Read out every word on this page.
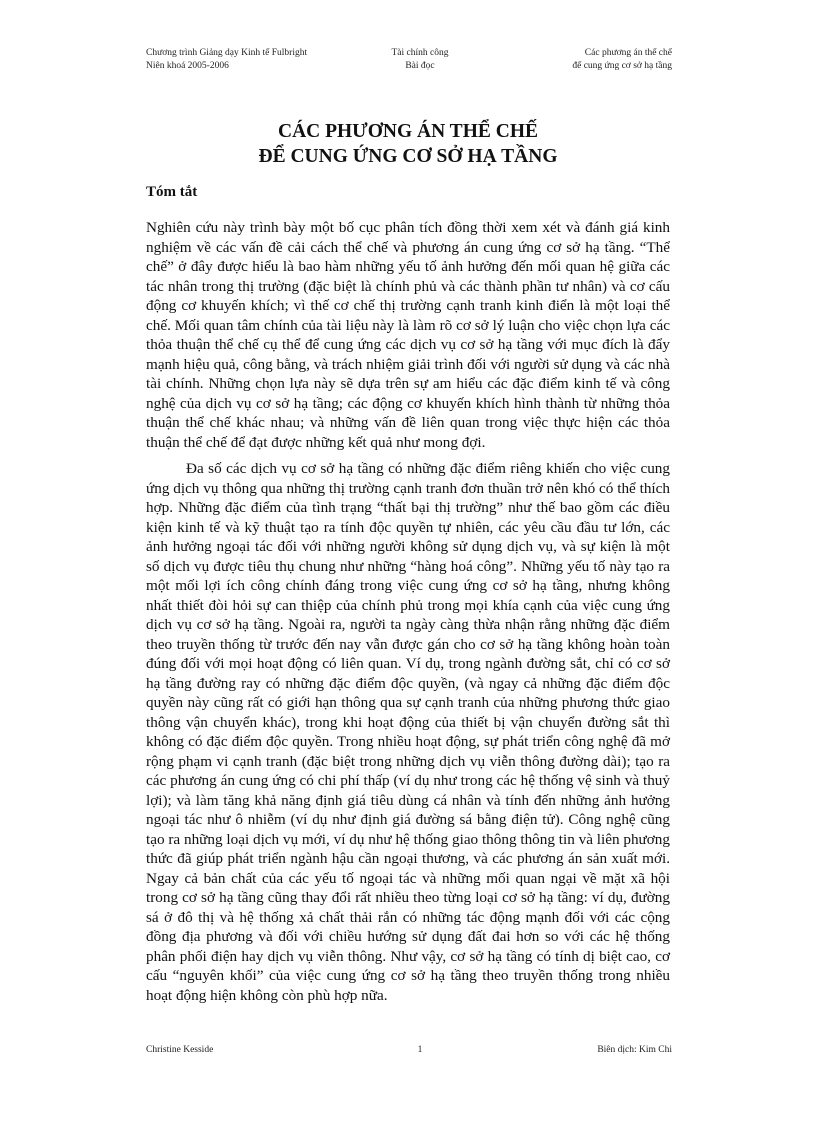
Chương trình Giảng dạy Kinh tế Fulbright
Niên khoá 2005-2006
Tài chính công
Bài đọc
Các phương án thể chế
để cung ứng cơ sở hạ tầng
CÁC PHƯƠNG ÁN THỂ CHẾ
ĐỂ CUNG ỨNG CƠ SỞ HẠ TẦNG
Tóm tắt

Nghiên cứu này trình bày một bố cục phân tích đồng thời xem xét và đánh giá kinh nghiệm về các vấn đề cải cách thể chế và phương án cung ứng cơ sở hạ tầng. “Thể chế” ở đây được hiểu là bao hàm những yếu tố ảnh hưởng đến mối quan hệ giữa các tác nhân trong thị trường (đặc biệt là chính phủ và các thành phần tư nhân) và cơ cấu động cơ khuyến khích; vì thế cơ chế thị trường cạnh tranh kinh điển là một loại thể chế. Mối quan tâm chính của tài liệu này là làm rõ cơ sở lý luận cho việc chọn lựa các thỏa thuận thể chế cụ thể để cung ứng các dịch vụ cơ sở hạ tầng với mục đích là đẩy mạnh hiệu quả, công bằng, và trách nhiệm giải trình đối với người sử dụng và các nhà tài chính. Những chọn lựa này sẽ dựa trên sự am hiểu các đặc điểm kinh tế và công nghệ của dịch vụ cơ sở hạ tầng; các động cơ khuyến khích hình thành từ những thỏa thuận thể chế khác nhau; và những vấn đề liên quan trong việc thực hiện các thỏa thuận thể chế để đạt được những kết quả như mong đợi.

Đa số các dịch vụ cơ sở hạ tầng có những đặc điểm riêng khiến cho việc cung ứng dịch vụ thông qua những thị trường cạnh tranh đơn thuần trở nên khó có thể thích hợp. Những đặc điểm của tình trạng “thất bại thị trường” như thế bao gồm các điều kiện kinh tế và kỹ thuật tạo ra tính độc quyền tự nhiên, các yêu cầu đầu tư lớn, các ảnh hưởng ngoại tác đối với những người không sử dụng dịch vụ, và sự kiện là một số dịch vụ được tiêu thụ chung như những “hàng hoá công”. Những yếu tố này tạo ra một mối lợi ích công chính đáng trong việc cung ứng cơ sở hạ tầng, nhưng không nhất thiết đòi hỏi sự can thiệp của chính phủ trong mọi khía cạnh của việc cung ứng dịch vụ cơ sở hạ tầng. Ngoài ra, người ta ngày càng thừa nhận rằng những đặc điểm theo truyền thống từ trước đến nay vẫn được gán cho cơ sở hạ tầng không hoàn toàn đúng đối với mọi hoạt động có liên quan. Ví dụ, trong ngành đường sắt, chỉ có cơ sở hạ tầng đường ray có những đặc điểm độc quyền, (và ngay cả những đặc điểm độc quyền này cũng rất có giới hạn thông qua sự cạnh tranh của những phương thức giao thông vận chuyển khác), trong khi hoạt động của thiết bị vận chuyển đường sắt thì không có đặc điểm độc quyền. Trong nhiều hoạt động, sự phát triển công nghệ đã mở rộng phạm vi cạnh tranh (đặc biệt trong những dịch vụ viễn thông đường dài); tạo ra các phương án cung ứng có chi phí thấp (ví dụ như trong các hệ thống vệ sinh và thuỷ lợi); và làm tăng khả năng định giá tiêu dùng cá nhân và tính đến những ảnh hưởng ngoại tác như ô nhiễm (ví dụ như định giá đường sá bằng điện tử). Công nghệ cũng tạo ra những loại dịch vụ mới, ví dụ như hệ thống giao thông thông tin và liên phương thức đã giúp phát triển ngành hậu cần ngoại thương, và các phương án sản xuất mới. Ngay cả bản chất của các yếu tố ngoại tác và những mối quan ngại về mặt xã hội trong cơ sở hạ tầng cũng thay đổi rất nhiều theo từng loại cơ sở hạ tầng: ví dụ, đường sá ở đô thị và hệ thống xả chất thải rắn có những tác động mạnh đối với các cộng đồng địa phương và đối với chiều hướng sử dụng đất đai hơn so với các hệ thống phân phối điện hay dịch vụ viễn thông. Như vậy, cơ sở hạ tầng có tính dị biệt cao, cơ cấu “nguyên khối” của việc cung ứng cơ sở hạ tầng theo truyền thống trong nhiều hoạt động hiện không còn phù hợp nữa.

Christine Kesside	1	Biên dịch: Kim Chi
